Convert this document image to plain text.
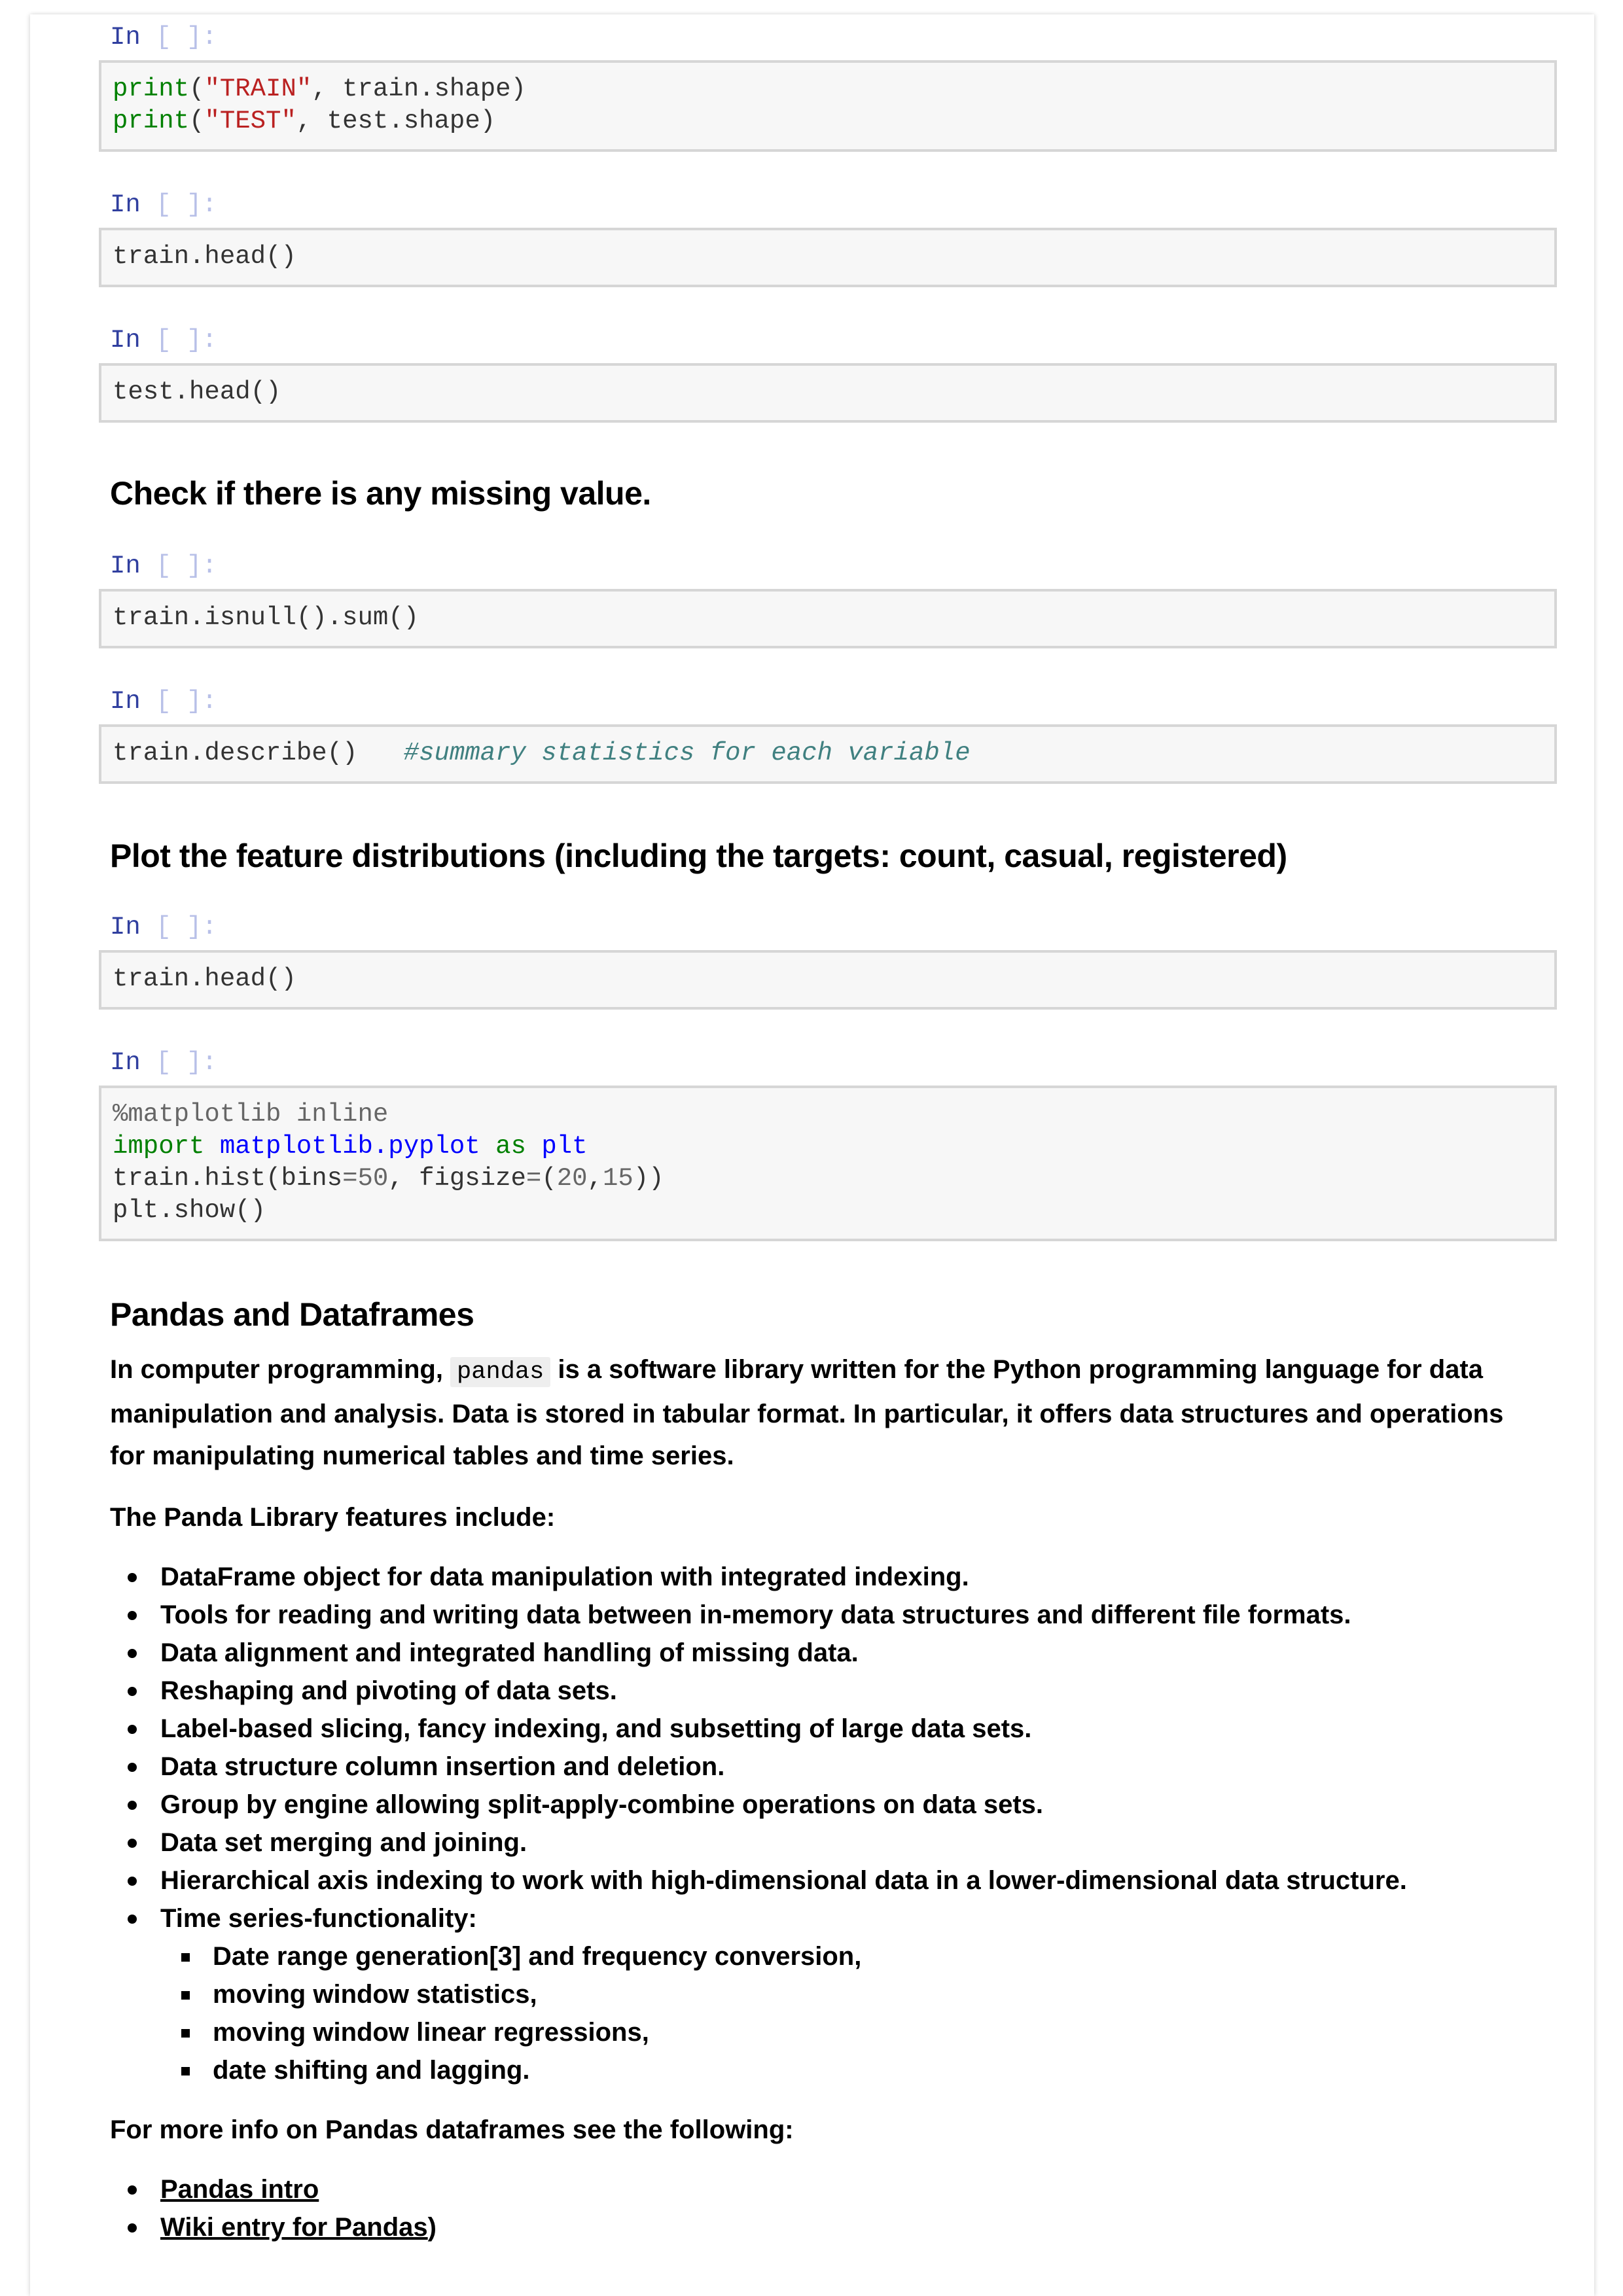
In [ ]:
print("TRAIN", train.shape)
print("TEST", test.shape)
In [ ]:
train.head()
In [ ]:
test.head()
Check if there is any missing value.
In [ ]:
train.isnull().sum()
In [ ]:
train.describe() #summary statistics for each variable
Plot the feature distributions (including the targets: count, casual, registered)
In [ ]:
train.head()
In [ ]:
%matplotlib inline
import matplotlib.pyplot as plt
train.hist(bins=50, figsize=(20,15))
plt.show()
Pandas and Dataframes
In computer programming, pandas is a software library written for the Python programming language for data manipulation and analysis. Data is stored in tabular format. In particular, it offers data structures and operations for manipulating numerical tables and time series.
The Panda Library features include:
DataFrame object for data manipulation with integrated indexing.
Tools for reading and writing data between in-memory data structures and different file formats.
Data alignment and integrated handling of missing data.
Reshaping and pivoting of data sets.
Label-based slicing, fancy indexing, and subsetting of large data sets.
Data structure column insertion and deletion.
Group by engine allowing split-apply-combine operations on data sets.
Data set merging and joining.
Hierarchical axis indexing to work with high-dimensional data in a lower-dimensional data structure.
Time series-functionality:
Date range generation[3] and frequency conversion,
moving window statistics,
moving window linear regressions,
date shifting and lagging.
For more info on Pandas dataframes see the following:
Pandas intro
Wiki entry for Pandas)
